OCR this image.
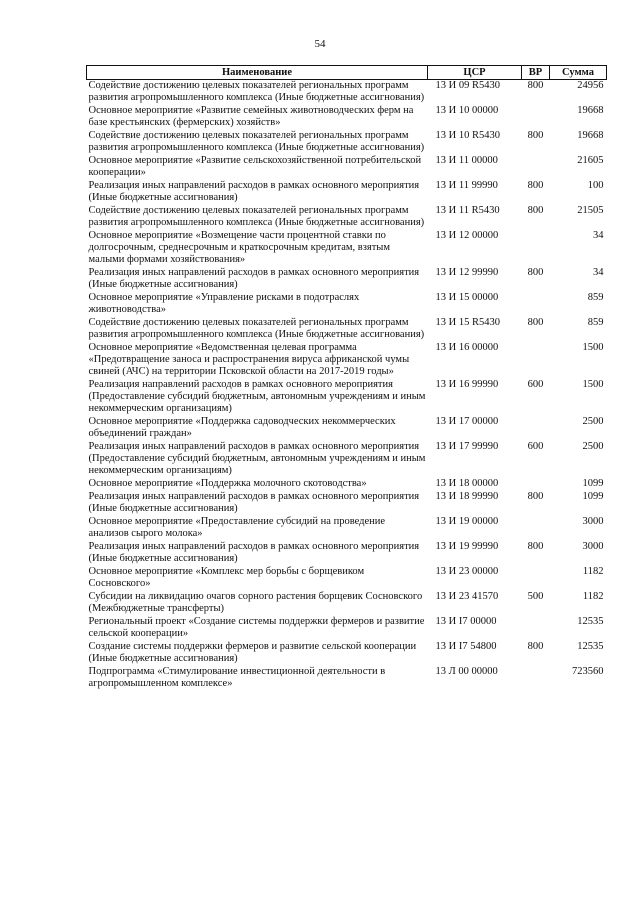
54
Наименование	ЦСР	ВР	Сумма
Содействие достижению целевых показателей региональных программ развития агропромышленного комплекса (Иные бюджетные ассигнования)	13 И 09 R5430	800	24956
Основное мероприятие «Развитие семейных животноводческих ферм на базе крестьянских (фермерских) хозяйств»	13 И 10 00000		19668
Содействие достижению целевых показателей региональных программ развития агропромышленного комплекса (Иные бюджетные ассигнования)	13 И 10 R5430	800	19668
Основное мероприятие «Развитие сельскохозяйственной потребительской кооперации»	13 И 11 00000		21605
Реализация иных направлений расходов в рамках основного мероприятия (Иные бюджетные ассигнования)	13 И 11 99990	800	100
Содействие достижению целевых показателей региональных программ развития агропромышленного комплекса (Иные бюджетные ассигнования)	13 И 11 R5430	800	21505
Основное мероприятие «Возмещение части процентной ставки по долгосрочным, среднесрочным и краткосрочным кредитам, взятым малыми формами хозяйствования»	13 И 12 00000		34
Реализация иных направлений расходов в рамках основного мероприятия (Иные бюджетные ассигнования)	13 И 12 99990	800	34
Основное мероприятие «Управление рисками в подотраслях животноводства»	13 И 15 00000		859
Содействие достижению целевых показателей региональных программ развития агропромышленного комплекса (Иные бюджетные ассигнования)	13 И 15 R5430	800	859
Основное мероприятие «Ведомственная целевая программа «Предотвращение заноса и распространения вируса африканской чумы свиней (АЧС) на территории Псковской области на 2017-2019 годы»	13 И 16 00000		1500
Реализация направлений расходов в рамках основного мероприятия (Предоставление субсидий бюджетным, автономным учреждениям и иным некоммерческим организациям)	13 И 16 99990	600	1500
Основное мероприятие «Поддержка садоводческих некоммерческих объединений граждан»	13 И 17 00000		2500
Реализация иных направлений расходов в рамках основного мероприятия (Предоставление субсидий бюджетным, автономным учреждениям и иным некоммерческим организациям)	13 И 17 99990	600	2500
Основное мероприятие «Поддержка молочного скотоводства»	13 И 18 00000		1099
Реализация иных направлений расходов в рамках основного мероприятия (Иные бюджетные ассигнования)	13 И 18 99990	800	1099
Основное мероприятие «Предоставление субсидий на проведение анализов сырого молока»	13 И 19 00000		3000
Реализация иных направлений расходов в рамках основного мероприятия (Иные бюджетные ассигнования)	13 И 19 99990	800	3000
Основное мероприятие «Комплекс мер борьбы с борщевиком Сосновского»	13 И 23 00000		1182
Субсидии на ликвидацию очагов сорного растения борщевик Сосновского (Межбюджетные трансферты)	13 И 23 41570	500	1182
Региональный проект «Создание системы поддержки фермеров и развитие сельской кооперации»	13 И I7 00000		12535
Создание системы поддержки фермеров и развитие сельской кооперации (Иные бюджетные ассигнования)	13 И I7 54800	800	12535
Подпрограмма «Стимулирование инвестиционной деятельности в агропромышленном комплексе»	13 Л 00 00000		723560
